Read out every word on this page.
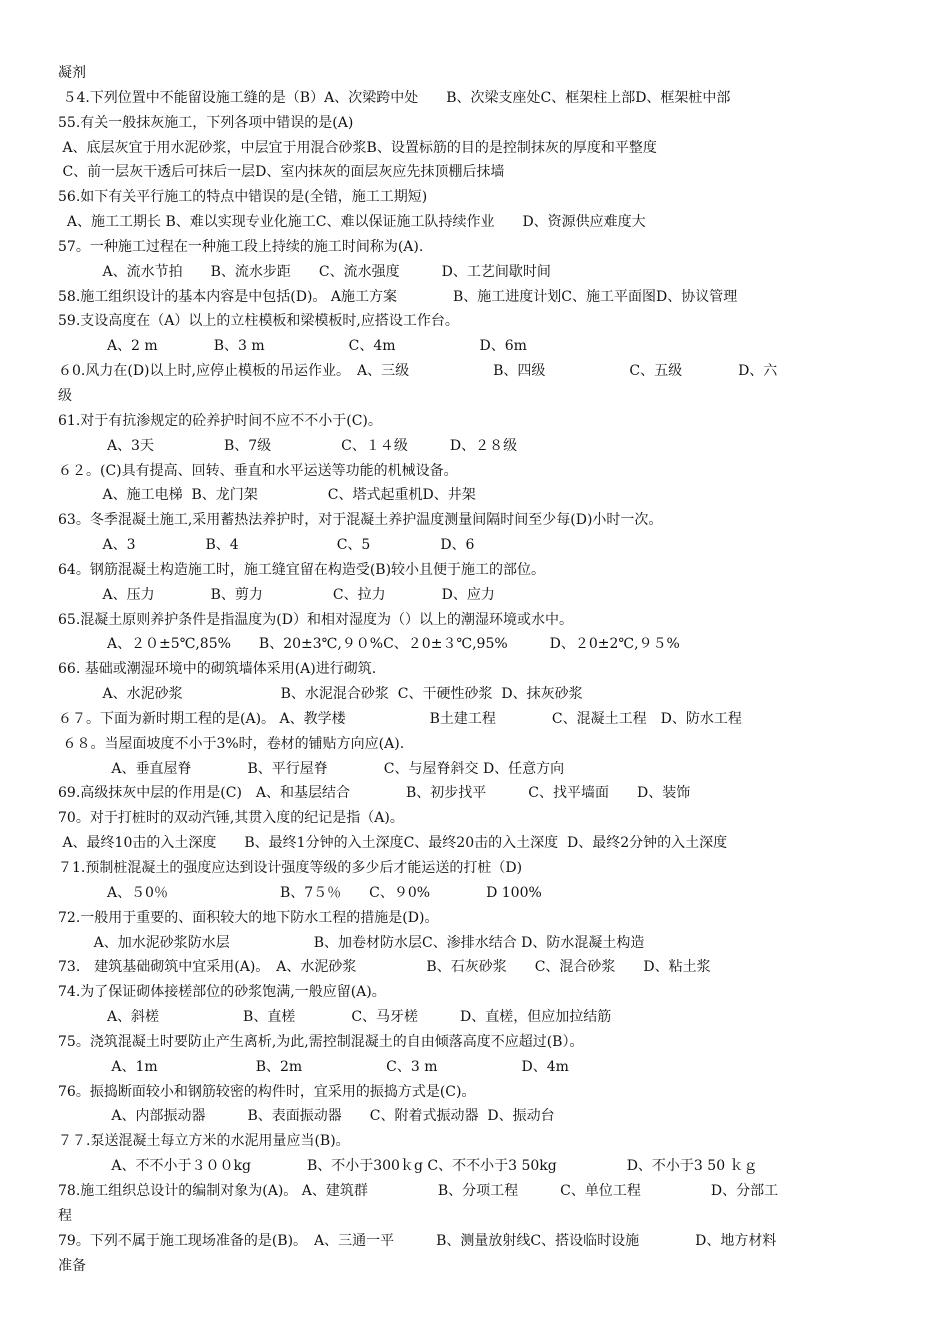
凝剂
５4.下列位置中不能留设施工缝的是（B）A、次梁跨中处　　B、次梁支座处C、框架柱上部D、框架桩中部
55.有关一般抹灰施工，下列各项中错误的是(A)
A、底层灰宜于用水泥砂浆，中层宜于用混合砂浆B、设置标筋的目的是控制抹灰的厚度和平整度
C、前一层灰干透后可抹后一层D、室内抹灰的面层灰应先抹顶棚后抹墙
56.如下有关平行施工的特点中错误的是(全错，施工工期短)
A、施工工期长 B、难以实现专业化施工C、难以保证施工队持续作业　　D、资源供应难度大
57。一种施工过程在一种施工段上持续的施工时间称为(A).
A、流水节拍　　B、流水步距　　C、流水强度　　　D、工艺间歇时间
58.施工组织设计的基本内容是中包括(D)。 A施工方案　　　　B、施工进度计划C、施工平面图D、协议管理
59.支设高度在（A）以上的立柱模板和梁模板时,应搭设工作台。
A、2 m　　　　B、3 m　　　　　　C、4m　　　　　　D、6m
６0.风力在(D)以上时,应停止模板的吊运作业。　A、三级　　　　　　B、四级　　　　　　C、五级　　　　D、六
级
61.对于有抗渗规定的砼养护时间不应不不小于(C)。
A、3天　　　　　B、7级　　　　　C、１４级　　　D、２８级
６２。(C)具有提高、回转、垂直和水平运送等功能的机械设备。
A、施工电梯  B、龙门架　　　　　C、塔式起重机D、井架
63。冬季混凝土施工,采用蓄热法养护时，对于混凝土养护温度测量间隔时间至少每(D)小时一次。
A、3　　　　　B、4　　　　　　　C、5　　　　　D、6
64。钢筋混凝土构造施工时，施工缝宜留在构造受(B)较小且便于施工的部位。
A、压力　　　　B、剪力　　　　　C、拉力　　　　D、应力
65.混凝土原则养护条件是指温度为(D）和相对湿度为（）以上的潮湿环境或水中。
A、２０±5℃,85%　　B、20±3℃,９０%C、２0±３℃,95%　　　D、２0±2℃,９５%
66. 基础或潮湿环境中的砌筑墙体采用(A)进行砌筑.
A、水泥砂浆　　　　　　　B、水泥混合砂浆  C、干硬性砂浆  D、抹灰砂浆
６７。下面为新时期工程的是(A)。 A、教学楼　　　　　　B土建工程　　　　C、混凝土工程　D、防水工程
６８。当屋面坡度不小于3%时，卷材的铺贴方向应(A).
A、垂直屋脊　　　　B、平行屋脊　　　　C、与屋脊斜交 D、任意方向
69.高级抹灰中层的作用是(C)　A、和基层结合　　　　B、初步找平　　　C、找平墙面　　D、装饰
70。对于打桩时的双动汽锤,其贯入度的纪记是指（A)。
A、最终10击的入土深度　　B、最终1分钟的入土深度C、最终20击的入土深度  D、最终2分钟的入土深度
７1.预制桩混凝土的强度应达到设计强度等级的多少后才能运送的打桩（D)
A、５0％　　　　　　　　B、7５％　　C、９0%　　　　D 100%
72.一般用于重要的、面积较大的地下防水工程的措施是(D)。
A、加水泥砂浆防水层　　　　　　B、加卷材防水层C、渗排水结合 D、防水混凝土构造
73.　建筑基础砌筑中宜采用(A)。　A、水泥砂浆　　　　　B、石灰砂浆　　C、混合砂浆　　D、粘土浆
74.为了保证砌体接槎部位的砂浆饱满,一般应留(A)。
A、斜槎　　　　　　B、直槎　　　　C、马牙槎　　　D、直槎，但应加拉结筋
75。浇筑混凝土时要防止产生离析,为此,需控制混凝土的自由倾落高度不应超过(B）。
A、1m　　　　　　　B、2m　　　　　　C、3 m　　　　　　D、4m
76。振捣断面较小和钢筋较密的构件时，宜采用的振捣方式是(C)。
A、内部振动器　　　B、表面振动器　　C、附着式振动器  D、振动台
７７.泵送混凝土每立方米的水泥用量应当(B)。
A、不不小于３００kg　　　　B、不小于300ｋg C、不不小于3 50kg　　　　　D、不小于3 50 ｋｇ
78.施工组织总设计的编制对象为(A)。 A、建筑群　　　　　B、分项工程　　　C、单位工程　　　　　D、分部工
程
79。下列不属于施工现场准备的是(B)。　A、三通一平　　　B、测量放射线C、搭设临时设施　　　　D、地方材料
准备
